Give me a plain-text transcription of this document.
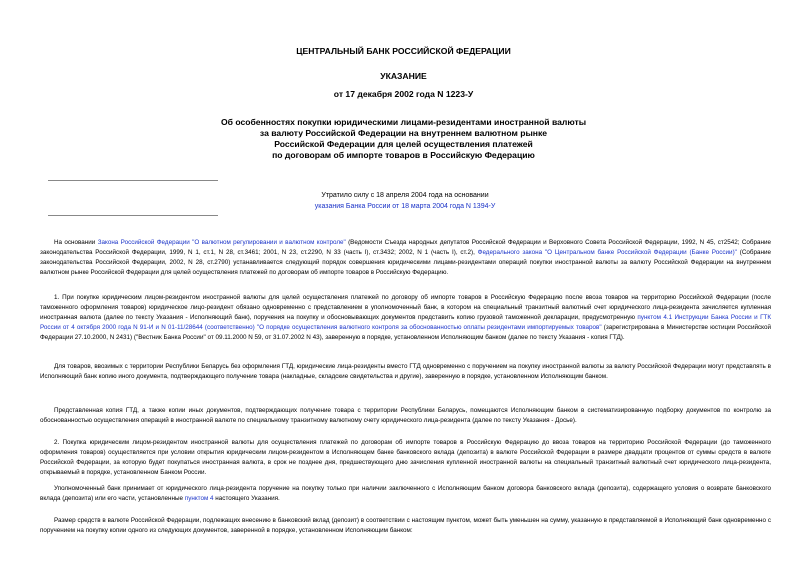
ЦЕНТРАЛЬНЫЙ БАНК РОССИЙСКОЙ ФЕДЕРАЦИИ
УКАЗАНИЕ
от 17 декабря 2002 года N 1223-У
Об особенностях покупки юридическими лицами-резидентами иностранной валюты
за валюту Российской Федерации на внутреннем валютном рынке
Российской Федерации для целей осуществления платежей
по договорам об импорте товаров в Российскую Федерацию
Утратило силу с 18 апреля 2004 года на основании
указания Банка России от 18 марта 2004 года N 1394-У
На основании Закона Российской Федерации "О валютном регулировании и валютном контроле" (Ведомости Съезда народных депутатов Российской Федерации и Верховного Совета Российской Федерации, 1992, N 45, ст2542; Собрание законодательства Российской Федерации, 1999, N 1, ст.1, N 28, ст.3461; 2001, N 23, ст.2290, N 33 (часть I), ст.3432; 2002, N 1 (часть I), ст.2), Федерального закона "О Центральном банке Российской Федерации (Банке России)" (Собрание законодательства Российской Федерации, 2002, N 28, ст.2790) устанавливается следующий порядок совершения юридическими лицами-резидентами операций покупки иностранной валюты за валюту Российской Федерации на внутреннем валютном рынке Российской Федерации для целей осуществления платежей по договорам об импорте товаров в Российскую Федерацию.
1. При покупке юридическим лицом-резидентом иностранной валюты для целей осуществления платежей по договору об импорте товаров в Российскую Федерацию после ввоза товаров на территорию Российской Федерации (после таможенного оформления товаров) юридическое лицо-резидент обязано одновременно с представлением в уполномоченный банк, в котором на специальный транзитный валютный счет юридического лица-резидента зачисляется купленная иностранная валюта (далее по тексту Указания - Исполняющий банк), поручения на покупку и обосновывающих документов представить копию грузовой таможенной декларации, предусмотренную пунктом 4.1 Инструкции Банка России и ГТК России от 4 октября 2000 года N 91-И и N 01-11/28644 (соответственно) "О порядке осуществления валютного контроля за обоснованностью оплаты резидентами импортируемых товаров" (зарегистрирована в Министерстве юстиции Российской Федерации 27.10.2000, N 2431) ("Вестник Банка России" от 09.11.2000 N 59, от 31.07.2002 N 43), заверенную в порядке, установленном Исполняющим банком (далее по тексту Указания - копия ГТД).
Для товаров, ввозимых с территории Республики Беларусь без оформления ГТД, юридические лица-резиденты вместо ГТД одновременно с поручением на покупку иностранной валюты за валюту Российской Федерации могут представлять в Исполняющий банк копию иного документа, подтверждающего получение товара (накладные, складские свидетельства и другие), заверенную в порядке, установленном Исполняющим банком.
Представленная копия ГТД, а также копии иных документов, подтверждающих получение товара с территории Республики Беларусь, помещаются Исполняющим банком в систематизированную подборку документов по контролю за обоснованностью осуществления операций в иностранной валюте по специальному транзитному валютному счету юридического лица-резидента (далее по тексту Указания - Досье).
2. Покупка юридическим лицом-резидентом иностранной валюты для осуществления платежей по договорам об импорте товаров в Российскую Федерацию до ввоза товаров на территорию Российской Федерации (до таможенного оформления товаров) осуществляется при условии открытия юридическим лицом-резидентом в Исполняющем банке банковского вклада (депозита) в валюте Российской Федерации в размере двадцати процентов от суммы средств в валюте Российской Федерации, за которую будет покупаться иностранная валюта, в срок не позднее дня, предшествующего дню зачисления купленной иностранной валюты на специальный транзитный валютный счет юридического лица-резидента, открываемый в порядке, установленном Банком России.
Уполномоченный банк принимает от юридического лица-резидента поручение на покупку только при наличии заключенного с Исполняющим банком договора банковского вклада (депозита), содержащего условия о возврате банковского вклада (депозита) или его части, установленные пунктом 4 настоящего Указания.
Размер средств в валюте Российской Федерации, подлежащих внесению в банковский вклад (депозит) в соответствии с настоящим пунктом, может быть уменьшен на сумму, указанную в представляемой в Исполняющий банк одновременно с поручением на покупку копии одного из следующих документов, заверенной в порядке, установленном Исполняющим банком:
